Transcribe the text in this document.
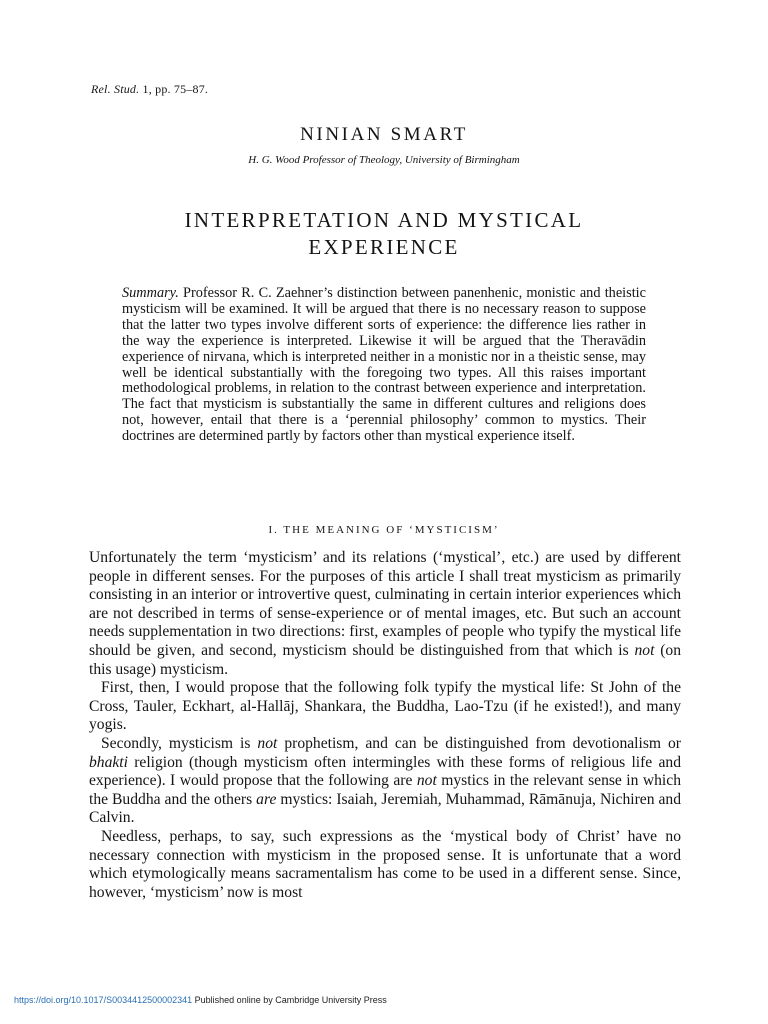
Rel. Stud. 1, pp. 75–87.
NINIAN SMART
H. G. Wood Professor of Theology, University of Birmingham
INTERPRETATION AND MYSTICAL
EXPERIENCE
Summary. Professor R. C. Zaehner’s distinction between panenhenic, monistic and theistic mysticism will be examined. It will be argued that there is no necessary reason to suppose that the latter two types involve different sorts of experience: the difference lies rather in the way the experience is interpreted. Likewise it will be argued that the Theravādin experience of nirvana, which is interpreted neither in a monistic nor in a theistic sense, may well be identical substantially with the foregoing two types. All this raises important methodological problems, in relation to the contrast between experience and interpretation. The fact that mysticism is substantially the same in different cultures and religions does not, however, entail that there is a ‘perennial philosophy’ common to mystics. Their doctrines are determined partly by factors other than mystical experience itself.
I. THE MEANING OF ‘MYSTICISM’

Unfortunately the term ‘mysticism’ and its relations (‘mystical’, etc.) are used by different people in different senses. For the purposes of this article I shall treat mysticism as primarily consisting in an interior or introvertive quest, culminating in certain interior experiences which are not described in terms of sense-experience or of mental images, etc. But such an account needs supplementation in two directions: first, examples of people who typify the mystical life should be given, and second, mysticism should be distinguished from that which is not (on this usage) mysticism.

First, then, I would propose that the following folk typify the mystical life: St John of the Cross, Tauler, Eckhart, al-Hallāj, Shankara, the Buddha, Lao-Tzu (if he existed!), and many yogis.

Secondly, mysticism is not prophetism, and can be distinguished from devotionalism or bhakti religion (though mysticism often intermingles with these forms of religious life and experience). I would propose that the following are not mystics in the relevant sense in which the Buddha and the others are mystics: Isaiah, Jeremiah, Muhammad, Rāmānuja, Nichiren and Calvin.

Needless, perhaps, to say, such expressions as the ‘mystical body of Christ’ have no necessary connection with mysticism in the proposed sense. It is unfortunate that a word which etymologically means sacramentalism has come to be used in a different sense. Since, however, ‘mysticism’ now is most

https://doi.org/10.1017/S0034412500002341 Published online by Cambridge University Press
